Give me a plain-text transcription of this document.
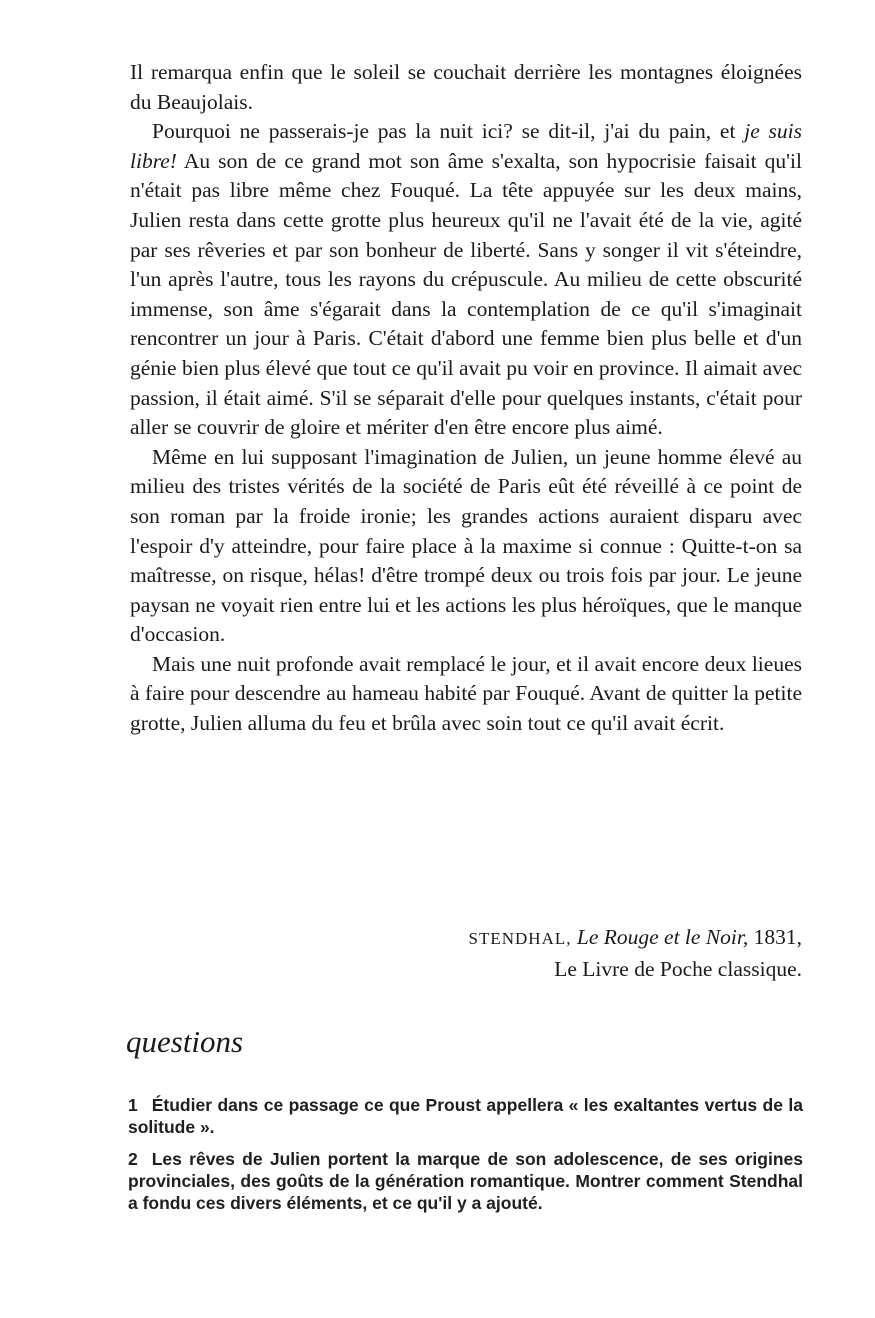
Il remarqua enfin que le soleil se couchait derrière les montagnes éloignées du Beaujolais.

Pourquoi ne passerais-je pas la nuit ici? se dit-il, j'ai du pain, et je suis libre! Au son de ce grand mot son âme s'exalta, son hypocrisie faisait qu'il n'était pas libre même chez Fouqué. La tête appuyée sur les deux mains, Julien resta dans cette grotte plus heureux qu'il ne l'avait été de la vie, agité par ses rêveries et par son bonheur de liberté. Sans y songer il vit s'éteindre, l'un après l'autre, tous les rayons du crépuscule. Au milieu de cette obscurité immense, son âme s'égarait dans la contemplation de ce qu'il s'imaginait rencontrer un jour à Paris. C'était d'abord une femme bien plus belle et d'un génie bien plus élevé que tout ce qu'il avait pu voir en province. Il aimait avec passion, il était aimé. S'il se séparait d'elle pour quelques instants, c'était pour aller se couvrir de gloire et mériter d'en être encore plus aimé.

Même en lui supposant l'imagination de Julien, un jeune homme élevé au milieu des tristes vérités de la société de Paris eût été réveillé à ce point de son roman par la froide ironie; les grandes actions auraient disparu avec l'espoir d'y atteindre, pour faire place à la maxime si connue : Quitte-t-on sa maîtresse, on risque, hélas! d'être trompé deux ou trois fois par jour. Le jeune paysan ne voyait rien entre lui et les actions les plus héroïques, que le manque d'occasion.

Mais une nuit profonde avait remplacé le jour, et il avait encore deux lieues à faire pour descendre au hameau habité par Fouqué. Avant de quitter la petite grotte, Julien alluma du feu et brûla avec soin tout ce qu'il avait écrit.

STENDHAL, Le Rouge et le Noir, 1831,
Le Livre de Poche classique.
questions

1 Étudier dans ce passage ce que Proust appellera « les exaltantes vertus de la solitude ».

2 Les rêves de Julien portent la marque de son adolescence, de ses origines provinciales, des goûts de la génération romantique. Montrer comment Stendhal a fondu ces divers éléments, et ce qu'il y a ajouté.
